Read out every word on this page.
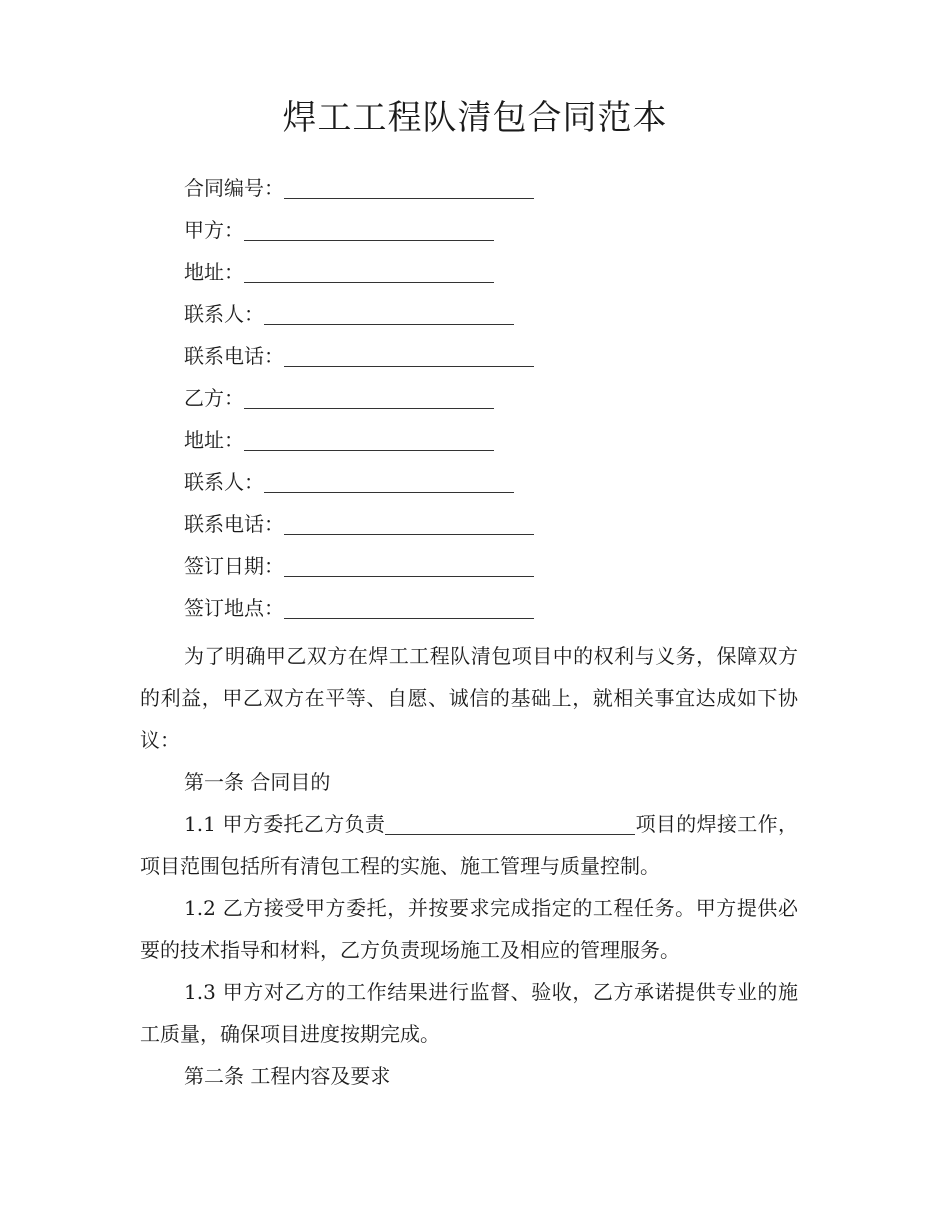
焊工工程队清包合同范本
合同编号：
甲方：
地址：
联系人：
联系电话：
乙方：
地址：
联系人：
联系电话：
签订日期：
签订地点：

为了明确甲乙双方在焊工工程队清包项目中的权利与义务，保障双方的利益，甲乙双方在平等、自愿、诚信的基础上，就相关事宜达成如下协议：

第一条 合同目的

1.1 甲方委托乙方负责	项目的焊接工作，项目范围包括所有清包工程的实施、施工管理与质量控制。

1.2 乙方接受甲方委托，并按要求完成指定的工程任务。甲方提供必要的技术指导和材料，乙方负责现场施工及相应的管理服务。

1.3 甲方对乙方的工作结果进行监督、验收，乙方承诺提供专业的施工质量，确保项目进度按期完成。

第二条 工程内容及要求
